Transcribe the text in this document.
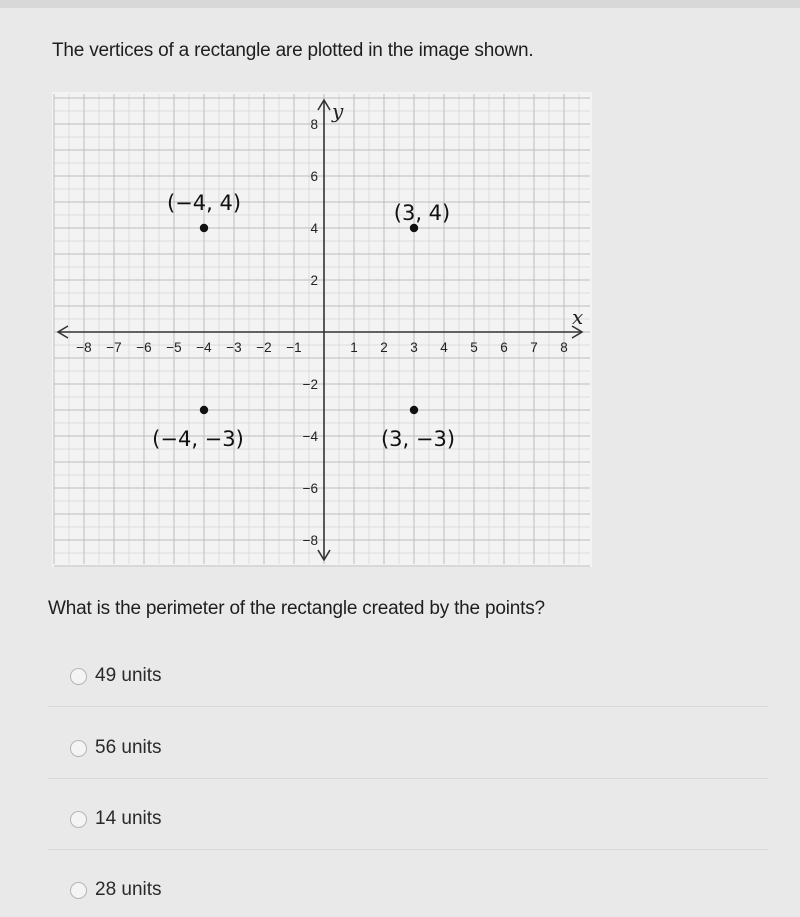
The vertices of a rectangle are plotted in the image shown.
x
y
−8 −7 −6 −5 −4 −3 −2 −1	1 2 3 4 5 6 7 8
8
6
4
2
−2
−4
−6
−8
(−4, 4)	(3, 4)
(−4, −3)	(3, −3)
What is the perimeter of the rectangle created by the points?
49 units
56 units
14 units
28 units
